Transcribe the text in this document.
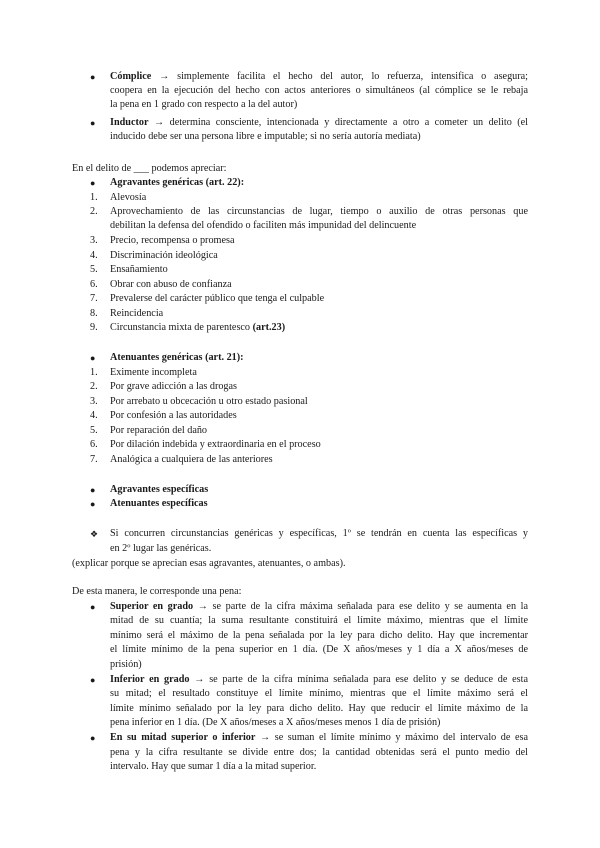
● Cómplice → simplemente facilita el hecho del autor, lo refuerza, intensifica o asegura;
coopera en la ejecución del hecho con actos anteriores o simultáneos (al cómplice se le rebaja
la pena en 1 grado con respecto a la del autor)
● Inductor → determina consciente, intencionada y directamente a otro a cometer un delito (el
inducido debe ser una persona libre e imputable; si no sería autoría mediata)
En el delito de ___ podemos apreciar:
● Agravantes genéricas (art. 22):
1. Alevosía
2. Aprovechamiento de las circunstancias de lugar, tiempo o auxilio de otras personas que
debilitan la defensa del ofendido o faciliten más impunidad del delincuente
3. Precio, recompensa o promesa
4. Discriminación ideológica
5. Ensañamiento
6. Obrar con abuso de confianza
7. Prevalerse del carácter público que tenga el culpable
8. Reincidencia
9. Circunstancia mixta de parentesco (art.23)
● Atenuantes genéricas (art. 21):
1. Eximente incompleta
2. Por grave adicción a las drogas
3. Por arrebato u obcecación u otro estado pasional
4. Por confesión a las autoridades
5. Por reparación del daño
6. Por dilación indebida y extraordinaria en el proceso
7. Analógica a cualquiera de las anteriores
● Agravantes específicas
● Atenuantes específicas
❖ Si concurren circunstancias genéricas y específicas, 1º se tendrán en cuenta las específicas y
en 2º lugar las genéricas.
(explicar porque se aprecian esas agravantes, atenuantes, o ambas).
De esta manera, le corresponde una pena:
● Superior en grado → se parte de la cifra máxima señalada para ese delito y se aumenta en la
mitad de su cuantía; la suma resultante constituirá el límite máximo, mientras que el límite
mínimo será el máximo de la pena señalada por la ley para dicho delito. Hay que incrementar
el límite mínimo de la pena superior en 1 día. (De X años/meses y 1 día a X años/meses de
prisión)
● Inferior en grado → se parte de la cifra mínima señalada para ese delito y se deduce de esta
su mitad; el resultado constituye el límite mínimo, mientras que el límite máximo será el
límite mínimo señalado por la ley para dicho delito. Hay que reducir el límite máximo de la
pena inferior en 1 día. (De X años/meses a X años/meses menos 1 día de prisión)
● En su mitad superior o inferior → se suman el límite mínimo y máximo del intervalo de esa
pena y la cifra resultante se divide entre dos; la cantidad obtenidas será el punto medio del
intervalo. Hay que sumar 1 día a la mitad superior.
